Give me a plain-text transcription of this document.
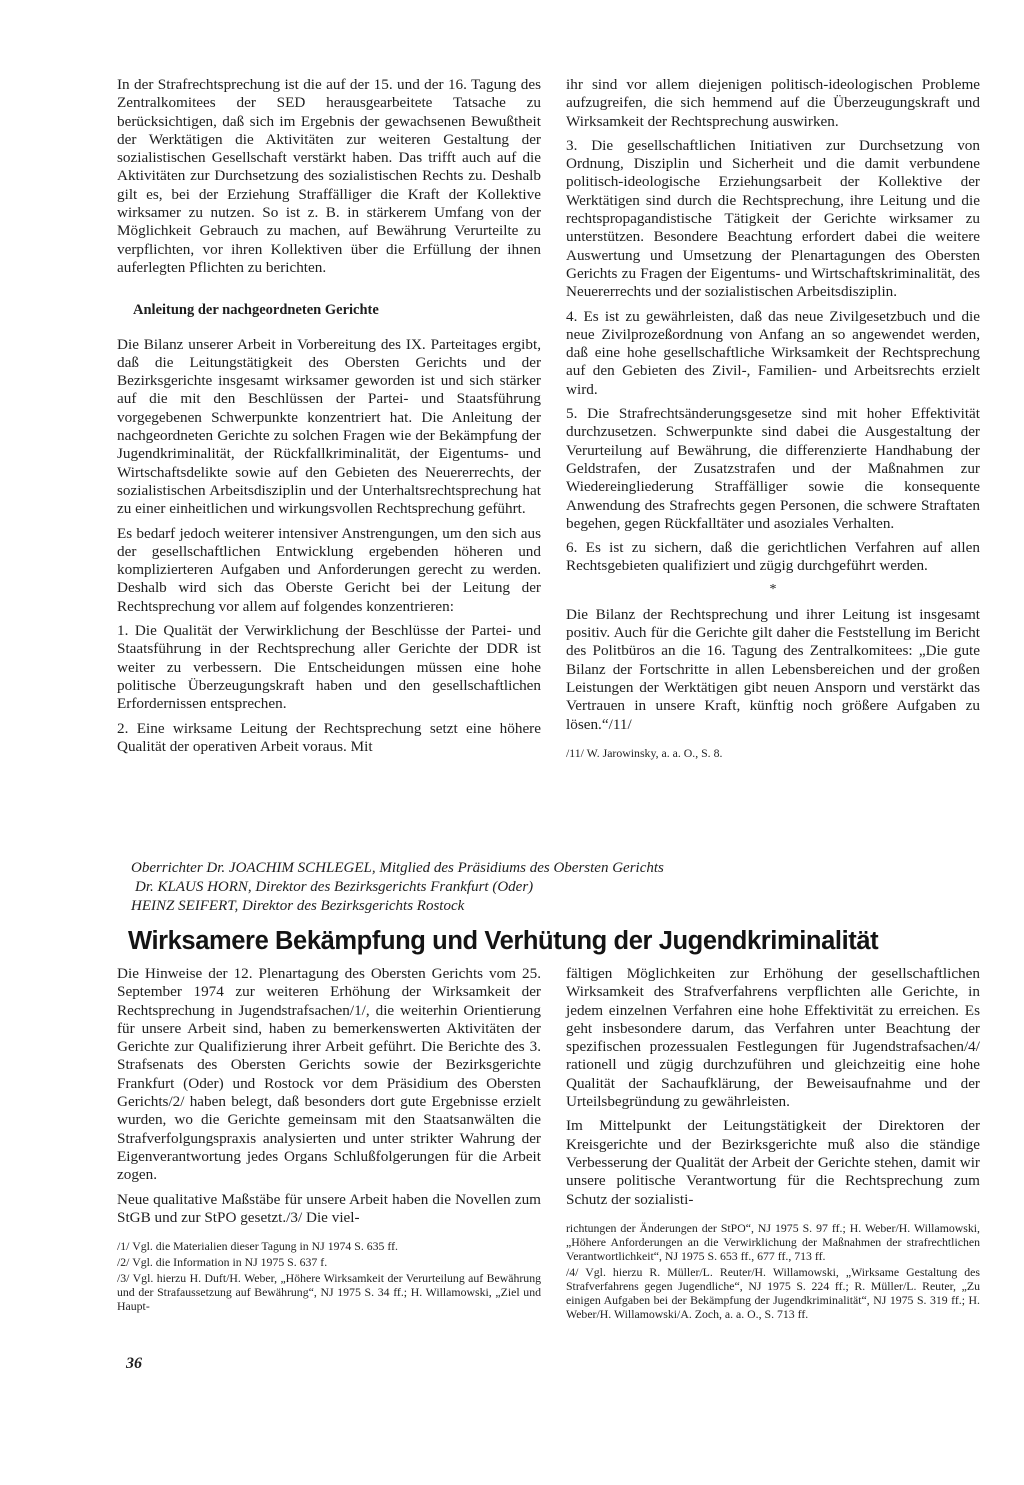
In der Strafrechtsprechung ist die auf der 15. und der 16. Tagung des Zentralkomitees der SED herausgearbeitete Tatsache zu berücksichtigen, daß sich im Ergebnis der gewachsenen Bewußtheit der Werktätigen die Aktivitäten zur weiteren Gestaltung der sozialistischen Gesellschaft verstärkt haben. Das trifft auch auf die Aktivitäten zur Durchsetzung des sozialistischen Rechts zu. Deshalb gilt es, bei der Erziehung Straffälliger die Kraft der Kollektive wirksamer zu nutzen. So ist z. B. in stärkerem Umfang von der Möglichkeit Gebrauch zu machen, auf Bewährung Verurteilte zu verpflichten, vor ihren Kollektiven über die Erfüllung der ihnen auferlegten Pflichten zu berichten.

Anleitung der nachgeordneten Gerichte

Die Bilanz unserer Arbeit in Vorbereitung des IX. Parteitages ergibt, daß die Leitungstätigkeit des Obersten Gerichts und der Bezirksgerichte insgesamt wirksamer geworden ist und sich stärker auf die mit den Beschlüssen der Partei- und Staatsführung vorgegebenen Schwerpunkte konzentriert hat. Die Anleitung der nachgeordneten Gerichte zu solchen Fragen wie der Bekämpfung der Jugendkriminalität, der Rückfallkriminalität, der Eigentums- und Wirtschaftsdelikte sowie auf den Gebieten des Neuererrechts, der sozialistischen Arbeitsdisziplin und der Unterhaltsrechtsprechung hat zu einer einheitlichen und wirkungsvollen Rechtsprechung geführt.

Es bedarf jedoch weiterer intensiver Anstrengungen, um den sich aus der gesellschaftlichen Entwicklung ergebenden höheren und komplizierteren Aufgaben und Anforderungen gerecht zu werden. Deshalb wird sich das Oberste Gericht bei der Leitung der Rechtsprechung vor allem auf folgendes konzentrieren:

1. Die Qualität der Verwirklichung der Beschlüsse der Partei- und Staatsführung in der Rechtsprechung aller Gerichte der DDR ist weiter zu verbessern. Die Entscheidungen müssen eine hohe politische Überzeugungskraft haben und den gesellschaftlichen Erfordernissen entsprechen.

2. Eine wirksame Leitung der Rechtsprechung setzt eine höhere Qualität der operativen Arbeit voraus. Mit

ihr sind vor allem diejenigen politisch-ideologischen Probleme aufzugreifen, die sich hemmend auf die Überzeugungskraft und Wirksamkeit der Rechtsprechung auswirken.

3. Die gesellschaftlichen Initiativen zur Durchsetzung von Ordnung, Disziplin und Sicherheit und die damit verbundene politisch-ideologische Erziehungsarbeit der Kollektive der Werktätigen sind durch die Rechtsprechung, ihre Leitung und die rechtspropagandistische Tätigkeit der Gerichte wirksamer zu unterstützen. Besondere Beachtung erfordert dabei die weitere Auswertung und Umsetzung der Plenartagungen des Obersten Gerichts zu Fragen der Eigentums- und Wirtschaftskriminalität, des Neuererrechts und der sozialistischen Arbeitsdisziplin.

4. Es ist zu gewährleisten, daß das neue Zivilgesetzbuch und die neue Zivilprozeßordnung von Anfang an so angewendet werden, daß eine hohe gesellschaftliche Wirksamkeit der Rechtsprechung auf den Gebieten des Zivil-, Familien- und Arbeitsrechts erzielt wird.

5. Die Strafrechtsänderungsgesetze sind mit hoher Effektivität durchzusetzen. Schwerpunkte sind dabei die Ausgestaltung der Verurteilung auf Bewährung, die differenzierte Handhabung der Geldstrafen, der Zusatzstrafen und der Maßnahmen zur Wiedereingliederung Straffälliger sowie die konsequente Anwendung des Strafrechts gegen Personen, die schwere Straftaten begehen, gegen Rückfalltäter und asoziales Verhalten.

6. Es ist zu sichern, daß die gerichtlichen Verfahren auf allen Rechtsgebieten qualifiziert und zügig durchgeführt werden.

*

Die Bilanz der Rechtsprechung und ihrer Leitung ist insgesamt positiv. Auch für die Gerichte gilt daher die Feststellung im Bericht des Politbüros an die 16. Tagung des Zentralkomitees: „Die gute Bilanz der Fortschritte in allen Lebensbereichen und der großen Leistungen der Werktätigen gibt neuen Ansporn und verstärkt das Vertrauen in unsere Kraft, künftig noch größere Aufgaben zu lösen.“/11/

/11/ W. Jarowinsky, a. a. O., S. 8.

Oberrichter Dr. JOACHIM SCHLEGEL, Mitglied des Präsidiums des Obersten Gerichts
Dr. KLAUS HORN, Direktor des Bezirksgerichts Frankfurt (Oder)
HEINZ SEIFERT, Direktor des Bezirksgerichts Rostock
Wirksamere Bekämpfung und Verhütung der Jugendkriminalität

Die Hinweise der 12. Plenartagung des Obersten Gerichts vom 25. September 1974 zur weiteren Erhöhung der Wirksamkeit der Rechtsprechung in Jugendstrafsachen/1/, die weiterhin Orientierung für unsere Arbeit sind, haben zu bemerkenswerten Aktivitäten der Gerichte zur Qualifizierung ihrer Arbeit geführt. Die Berichte des 3. Strafsenats des Obersten Gerichts sowie der Bezirksgerichte Frankfurt (Oder) und Rostock vor dem Präsidium des Obersten Gerichts/2/ haben belegt, daß besonders dort gute Ergebnisse erzielt wurden, wo die Gerichte gemeinsam mit den Staatsanwälten die Strafverfolgungspraxis analysierten und unter strikter Wahrung der Eigenverantwortung jedes Organs Schlußfolgerungen für die Arbeit zogen.

Neue qualitative Maßstäbe für unsere Arbeit haben die Novellen zum StGB und zur StPO gesetzt./3/ Die viel-

/1/ Vgl. die Materialien dieser Tagung in NJ 1974 S. 635 ff.

/2/ Vgl. die Information in NJ 1975 S. 637 f.

/3/ Vgl. hierzu H. Duft/H. Weber, „Höhere Wirksamkeit der Verurteilung auf Bewährung und der Strafaussetzung auf Bewährung“, NJ 1975 S. 34 ff.; H. Willamowski, „Ziel und Haupt-

fältigen Möglichkeiten zur Erhöhung der gesellschaftlichen Wirksamkeit des Strafverfahrens verpflichten alle Gerichte, in jedem einzelnen Verfahren eine hohe Effektivität zu erreichen. Es geht insbesondere darum, das Verfahren unter Beachtung der spezifischen prozessualen Festlegungen für Jugendstrafsachen/4/ rationell und zügig durchzuführen und gleichzeitig eine hohe Qualität der Sachaufklärung, der Beweisaufnahme und der Urteilsbegründung zu gewährleisten.

Im Mittelpunkt der Leitungstätigkeit der Direktoren der Kreisgerichte und der Bezirksgerichte muß also die ständige Verbesserung der Qualität der Arbeit der Gerichte stehen, damit wir unsere politische Verantwortung für die Rechtsprechung zum Schutz der sozialisti-

richtungen der Änderungen der StPO“, NJ 1975 S. 97 ff.; H. Weber/H. Willamowski, „Höhere Anforderungen an die Verwirklichung der Maßnahmen der strafrechtlichen Verantwortlichkeit“, NJ 1975 S. 653 ff., 677 ff., 713 ff.

/4/ Vgl. hierzu R. Müller/L. Reuter/H. Willamowski, „Wirksame Gestaltung des Strafverfahrens gegen Jugendliche“, NJ 1975 S. 224 ff.; R. Müller/L. Reuter, „Zu einigen Aufgaben bei der Bekämpfung der Jugendkriminalität“, NJ 1975 S. 319 ff.; H. Weber/H. Willamowski/A. Zoch, a. a. O., S. 713 ff.

36
